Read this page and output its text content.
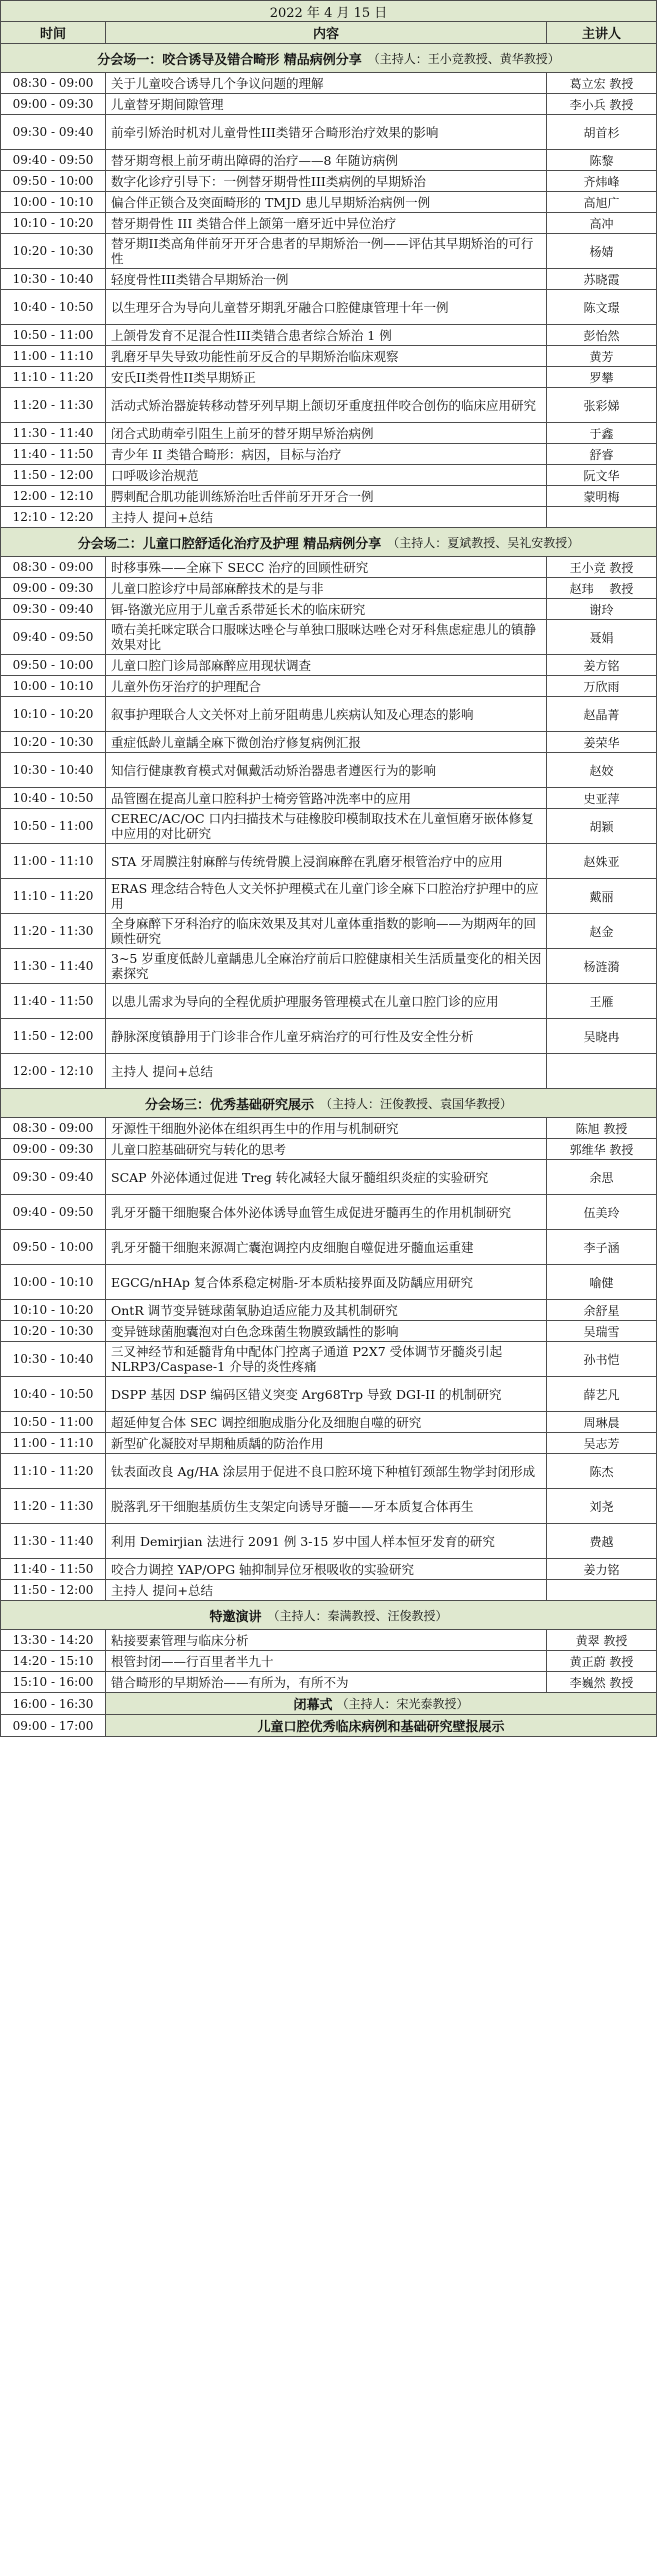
2022 年 4 月 15 日
时间	内容	主讲人
分会场一：咬合诱导及错合畸形 精品病例分享 （主持人：王小竞教授、黄华教授）
08:30 - 09:00	关于儿童咬合诱导几个争议问题的理解	葛立宏 教授
09:00 - 09:30	儿童替牙期间隙管理	李小兵 教授
09:30 - 09:40	前牵引矫治时机对儿童骨性III类错牙合畸形治疗效果的影响	胡首杉
09:40 - 09:50	替牙期弯根上前牙萌出障碍的治疗——8 年随访病例	陈黎
09:50 - 10:00	数字化诊疗引导下：一例替牙期骨性III类病例的早期矫治	齐炜峰
10:00 - 10:10	偏合伴正锁合及突面畸形的 TMJD 患儿早期矫治病例一例	高旭广
10:10 - 10:20	替牙期骨性 III 类错合伴上颌第一磨牙近中异位治疗	高冲
10:20 - 10:30	替牙期II类高角伴前牙开牙合患者的早期矫治一例——评估其早期矫治的可行性	杨婧
10:30 - 10:40	轻度骨性III类错合早期矫治一例	苏晓霞
10:40 - 10:50	以生理牙合为导向儿童替牙期乳牙融合口腔健康管理十年一例	陈文璟
10:50 - 11:00	上颌骨发育不足混合性III类错合患者综合矫治 1 例	彭怡然
11:00 - 11:10	乳磨牙早失导致功能性前牙反合的早期矫治临床观察	黄芳
11:10 - 11:20	安氏II类骨性II类早期矫正	罗攀
11:20 - 11:30	活动式矫治器旋转移动替牙列早期上颌切牙重度扭伴咬合创伤的临床应用研究	张彩娣
11:30 - 11:40	闭合式助萌牵引阻生上前牙的替牙期早矫治病例	于鑫
11:40 - 11:50	青少年 II 类错合畸形：病因，目标与治疗	舒睿
11:50 - 12:00	口呼吸诊治规范	阮文华
12:00 - 12:10	腭刺配合肌功能训练矫治吐舌伴前牙开牙合一例	蒙明梅
12:10 - 12:20	主持人 提问+总结
分会场二：儿童口腔舒适化治疗及护理 精品病例分享 （主持人：夏斌教授、吴礼安教授）
08:30 - 09:00	时移事殊——全麻下 SECC 治疗的回顾性研究	王小竞 教授
09:00 - 09:30	儿童口腔诊疗中局部麻醉技术的是与非	赵玮　 教授
09:30 - 09:40	铒-铬激光应用于儿童舌系带延长术的临床研究	谢玲
09:40 - 09:50	喷右美托咪定联合口服咪达唑仑与单独口服咪达唑仑对牙科焦虑症患儿的镇静效果对比	聂娟
09:50 - 10:00	儿童口腔门诊局部麻醉应用现状调查	姜方铭
10:00 - 10:10	儿童外伤牙治疗的护理配合	万欣雨
10:10 - 10:20	叙事护理联合人文关怀对上前牙阻萌患儿疾病认知及心理态的影响	赵晶菁
10:20 - 10:30	重症低龄儿童龋全麻下微创治疗修复病例汇报	姜荣华
10:30 - 10:40	知信行健康教育模式对佩戴活动矫治器患者遵医行为的影响	赵姣
10:40 - 10:50	品管圈在提高儿童口腔科护士椅旁管路冲洗率中的应用	史亚萍
10:50 - 11:00	CEREC/AC/OC 口内扫描技术与硅橡胶印模制取技术在儿童恒磨牙嵌体修复中应用的对比研究	胡颖
11:00 - 11:10	STA 牙周膜注射麻醉与传统骨膜上浸润麻醉在乳磨牙根管治疗中的应用	赵姝亚
11:10 - 11:20	ERAS 理念结合特色人文关怀护理模式在儿童门诊全麻下口腔治疗护理中的应用	戴丽
11:20 - 11:30	全身麻醉下牙科治疗的临床效果及其对儿童体重指数的影响——为期两年的回顾性研究	赵金
11:30 - 11:40	3~5 岁重度低龄儿童龋患儿全麻治疗前后口腔健康相关生活质量变化的相关因素探究	杨涟漪
11:40 - 11:50	以患儿需求为导向的全程优质护理服务管理模式在儿童口腔门诊的应用	王雁
11:50 - 12:00	静脉深度镇静用于门诊非合作儿童牙病治疗的可行性及安全性分析	吴晓冉
12:00 - 12:10	主持人 提问+总结
分会场三：优秀基础研究展示 （主持人：汪俊教授、袁国华教授）
08:30 - 09:00	牙源性干细胞外泌体在组织再生中的作用与机制研究	陈旭 教授
09:00 - 09:30	儿童口腔基础研究与转化的思考	郭维华 教授
09:30 - 09:40	SCAP 外泌体通过促进 Treg 转化减轻大鼠牙髓组织炎症的实验研究	余思
09:40 - 09:50	乳牙牙髓干细胞聚合体外泌体诱导血管生成促进牙髓再生的作用机制研究	伍美玲
09:50 - 10:00	乳牙牙髓干细胞来源凋亡囊泡调控内皮细胞自噬促进牙髓血运重建	李子涵
10:00 - 10:10	EGCG/nHAp 复合体系稳定树脂-牙本质粘接界面及防龋应用研究	喻健
10:10 - 10:20	OntR 调节变异链球菌氧胁迫适应能力及其机制研究	余舒星
10:20 - 10:30	变异链球菌胞囊泡对白色念珠菌生物膜致龋性的影响	吴瑞雪
10:30 - 10:40	三叉神经节和延髓背角中配体门控离子通道 P2X7 受体调节牙髓炎引起 NLRP3/Caspase-1 介导的炎性疼痛	孙书恺
10:40 - 10:50	DSPP 基因 DSP 编码区错义突变 Arg68Trp 导致 DGI-II 的机制研究	薛艺凡
10:50 - 11:00	超延伸复合体 SEC 调控细胞成脂分化及细胞自噬的研究	周琳晨
11:00 - 11:10	新型矿化凝胶对早期釉质龋的防治作用	吴志芳
11:10 - 11:20	钛表面改良 Ag/HA 涂层用于促进不良口腔环境下种植钉颈部生物学封闭形成	陈杰
11:20 - 11:30	脱落乳牙干细胞基质仿生支架定向诱导牙髓——牙本质复合体再生	刘尧
11:30 - 11:40	利用 Demirjian 法进行 2091 例 3-15 岁中国人样本恒牙发育的研究	费越
11:40 - 11:50	咬合力调控 YAP/OPG 轴抑制异位牙根吸收的实验研究	姜力铭
11:50 - 12:00	主持人 提问+总结
特邀演讲 （主持人：秦满教授、汪俊教授）
13:30 - 14:20	粘接要素管理与临床分析	黄翠 教授
14:20 - 15:10	根管封闭——行百里者半九十	黄正蔚 教授
15:10 - 16:00	错合畸形的早期矫治——有所为，有所不为	李巍然 教授
16:00 - 16:30	闭幕式 （主持人：宋光泰教授）
09:00 - 17:00	儿童口腔优秀临床病例和基础研究壁报展示
